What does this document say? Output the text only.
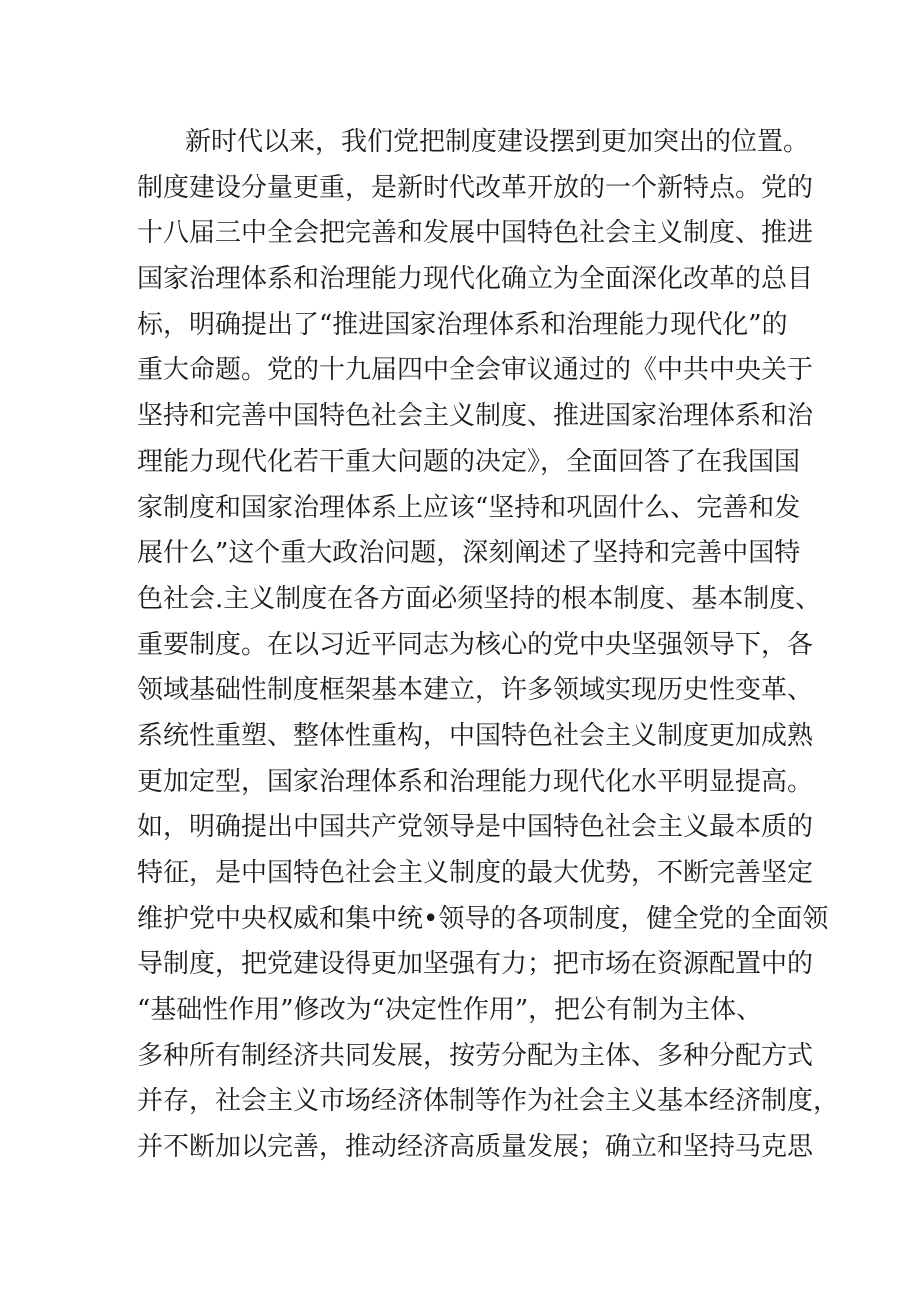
新时代以来，我们党把制度建设摆到更加突出的位置。
制度建设分量更重，是新时代改革开放的一个新特点。党的
十八届三中全会把完善和发展中国特色社会主义制度、推进
国家治理体系和治理能力现代化确立为全面深化改革的总目
标，明确提出了“推进国家治理体系和治理能力现代化”的
重大命题。党的十九届四中全会审议通过的《中共中央关于
坚持和完善中国特色社会主义制度、推进国家治理体系和治
理能力现代化若干重大问题的决定》，全面回答了在我国国
家制度和国家治理体系上应该“坚持和巩固什么、完善和发
展什么”这个重大政治问题，深刻阐述了坚持和完善中国特
色社会.主义制度在各方面必须坚持的根本制度、基本制度、
重要制度。在以习近平同志为核心的党中央坚强领导下，各
领域基础性制度框架基本建立，许多领域实现历史性变革、
系统性重塑、整体性重构，中国特色社会主义制度更加成熟
更加定型，国家治理体系和治理能力现代化水平明显提高。
如，明确提出中国共产党领导是中国特色社会主义最本质的
特征，是中国特色社会主义制度的最大优势，不断完善坚定
维护党中央权威和集中统•领导的各项制度，健全党的全面领
导制度，把党建设得更加坚强有力；把市场在资源配置中的
“基础性作用”修改为“决定性作用”，把公有制为主体、
多种所有制经济共同发展，按劳分配为主体、多种分配方式
并存，社会主义市场经济体制等作为社会主义基本经济制度，
并不断加以完善，推动经济高质量发展；确立和坚持马克思
